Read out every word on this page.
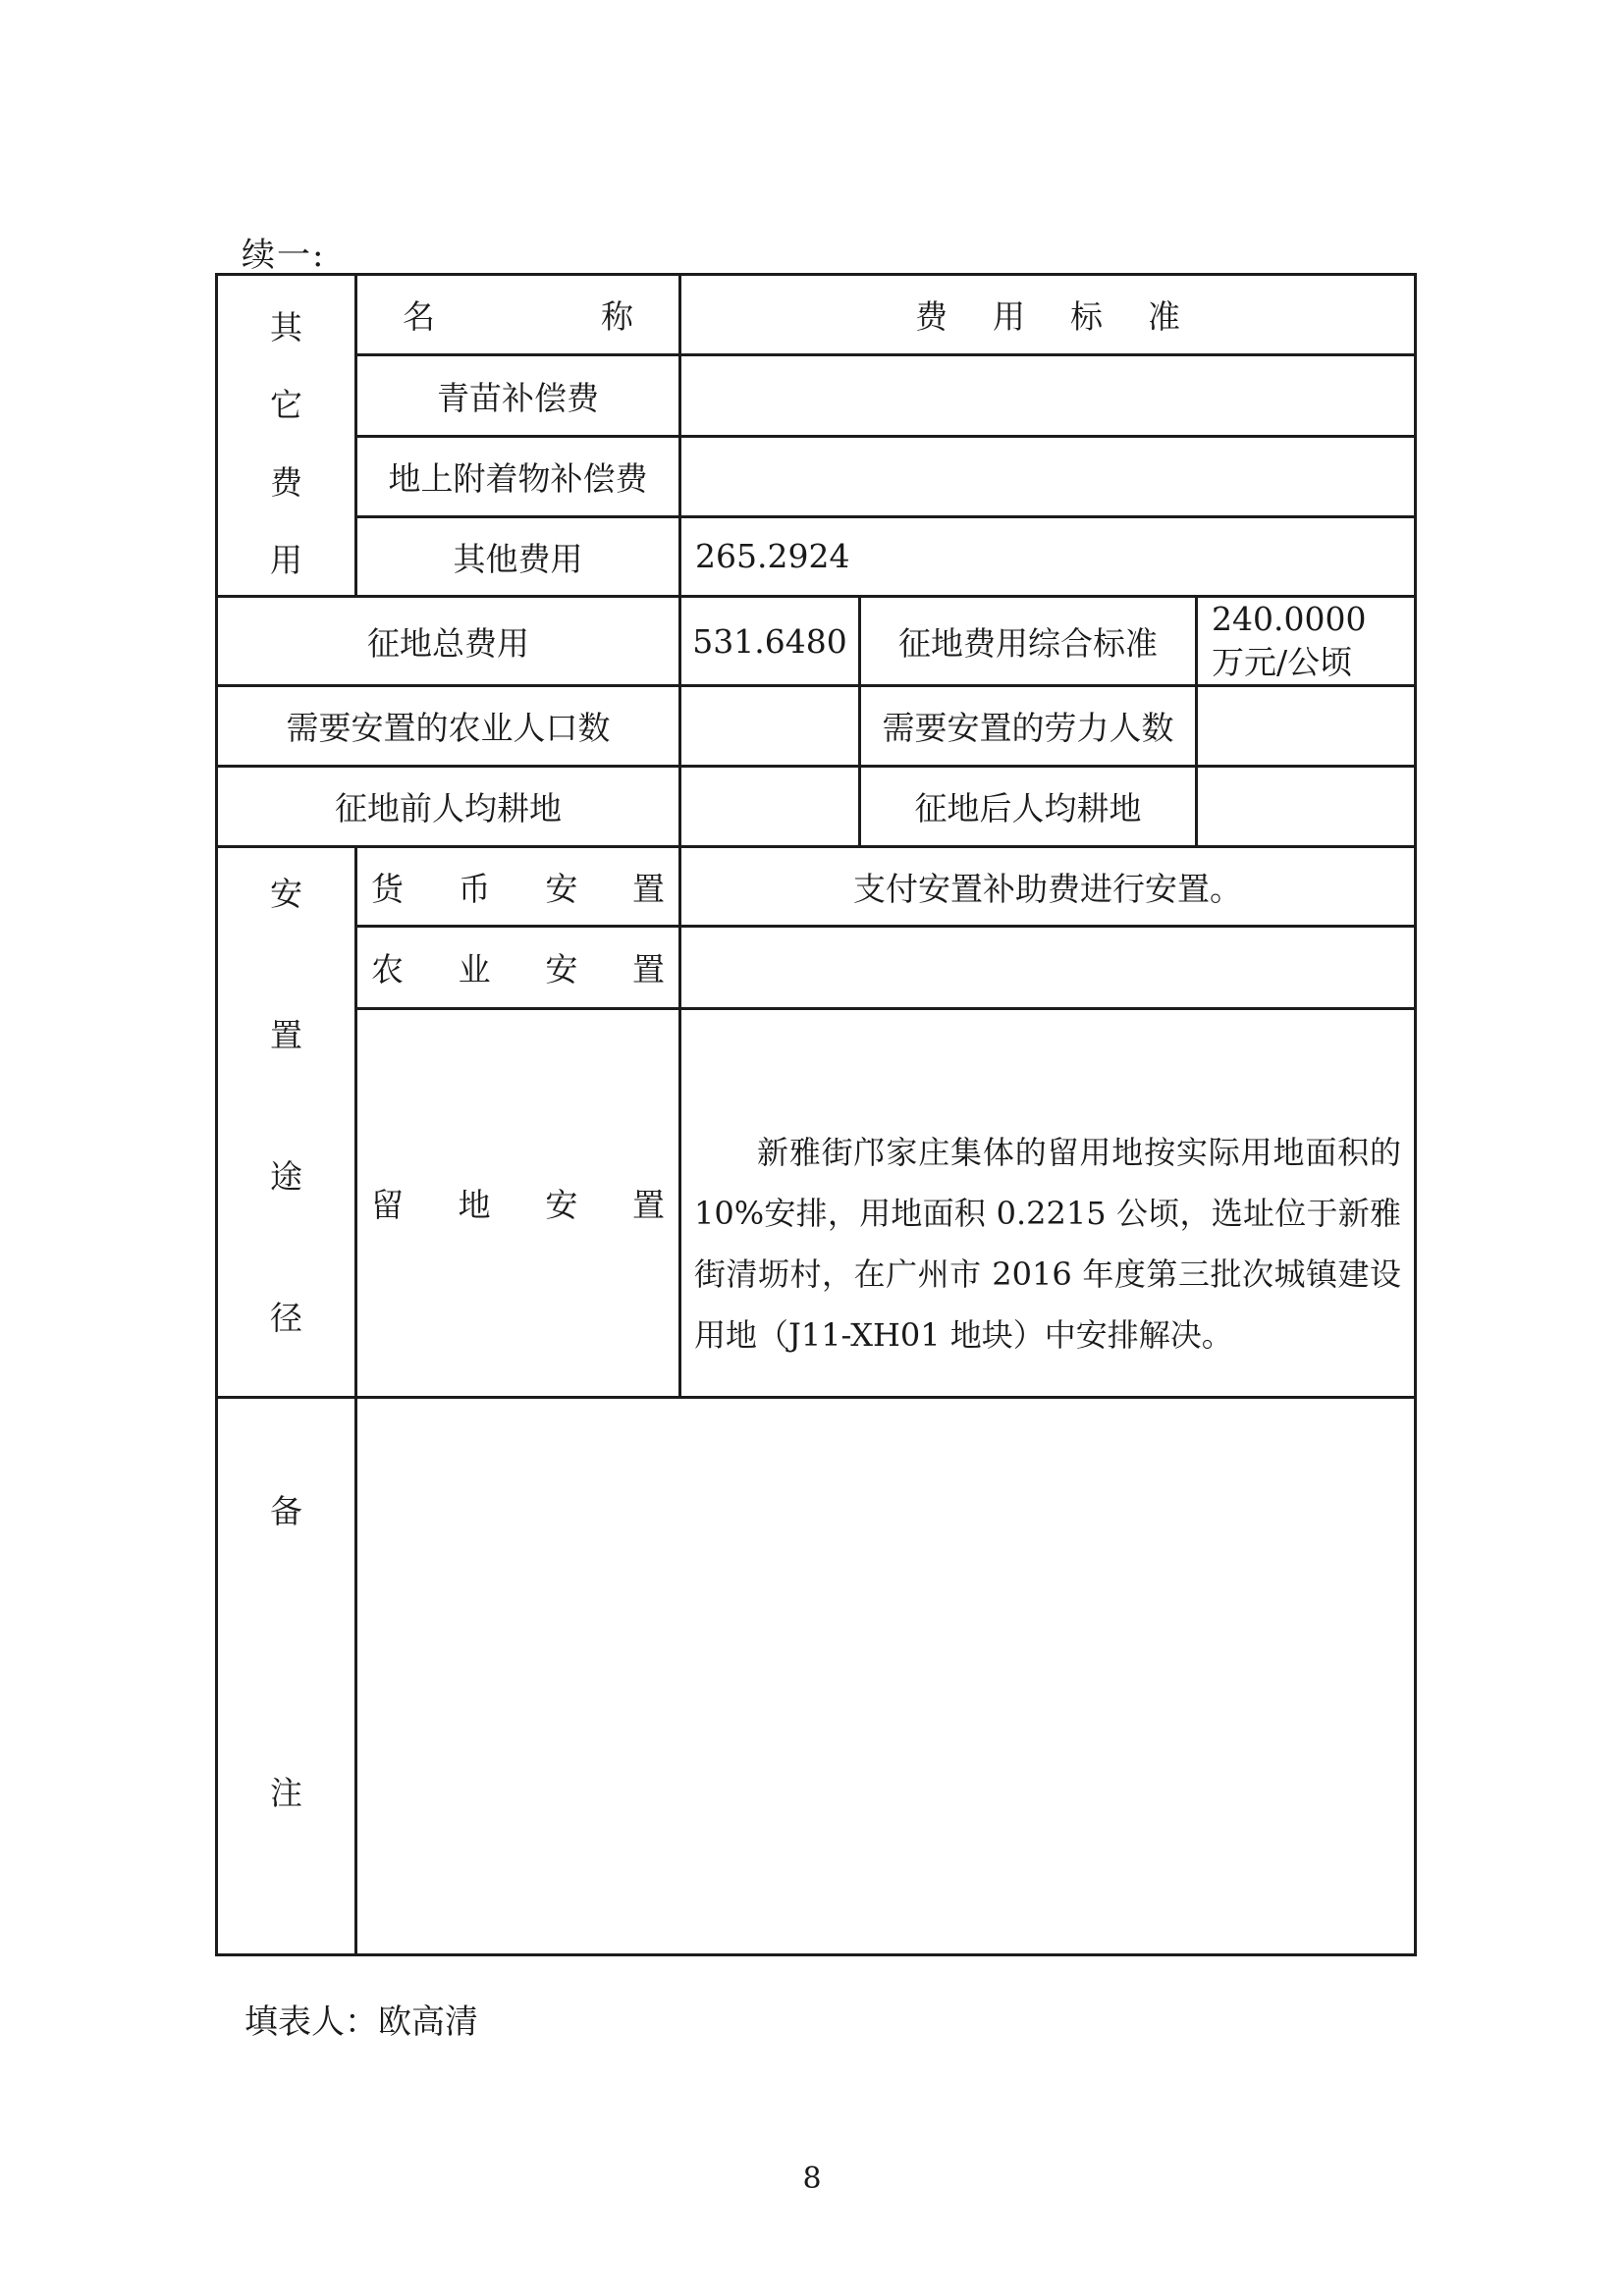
续一:
其
它
费
用	名称	费用标准		

	青苗补偿费			

	地上附着物补偿费			

	其他费用	265.2924		

征地总费用		531.6480	征地费用综合标准	240.0000 万元/公顷

需要安置的农业人口数			需要安置的劳力人数	
征地前人均耕地			征地后人均耕地	

安
置
途
径	货币安置	支付安置补助费进行安置。		

	农业安置			

	留地安置	新雅街邝家庄集体的留用地按实际用地面积的 10%安排，用地面积 0.2215 公顷，选址位于新雅街清坜村，在广州市 2016 年度第三批次城镇建设用地（J11-XH01 地块）中安排解决。		

备
注				

填表人：欧高清
8
